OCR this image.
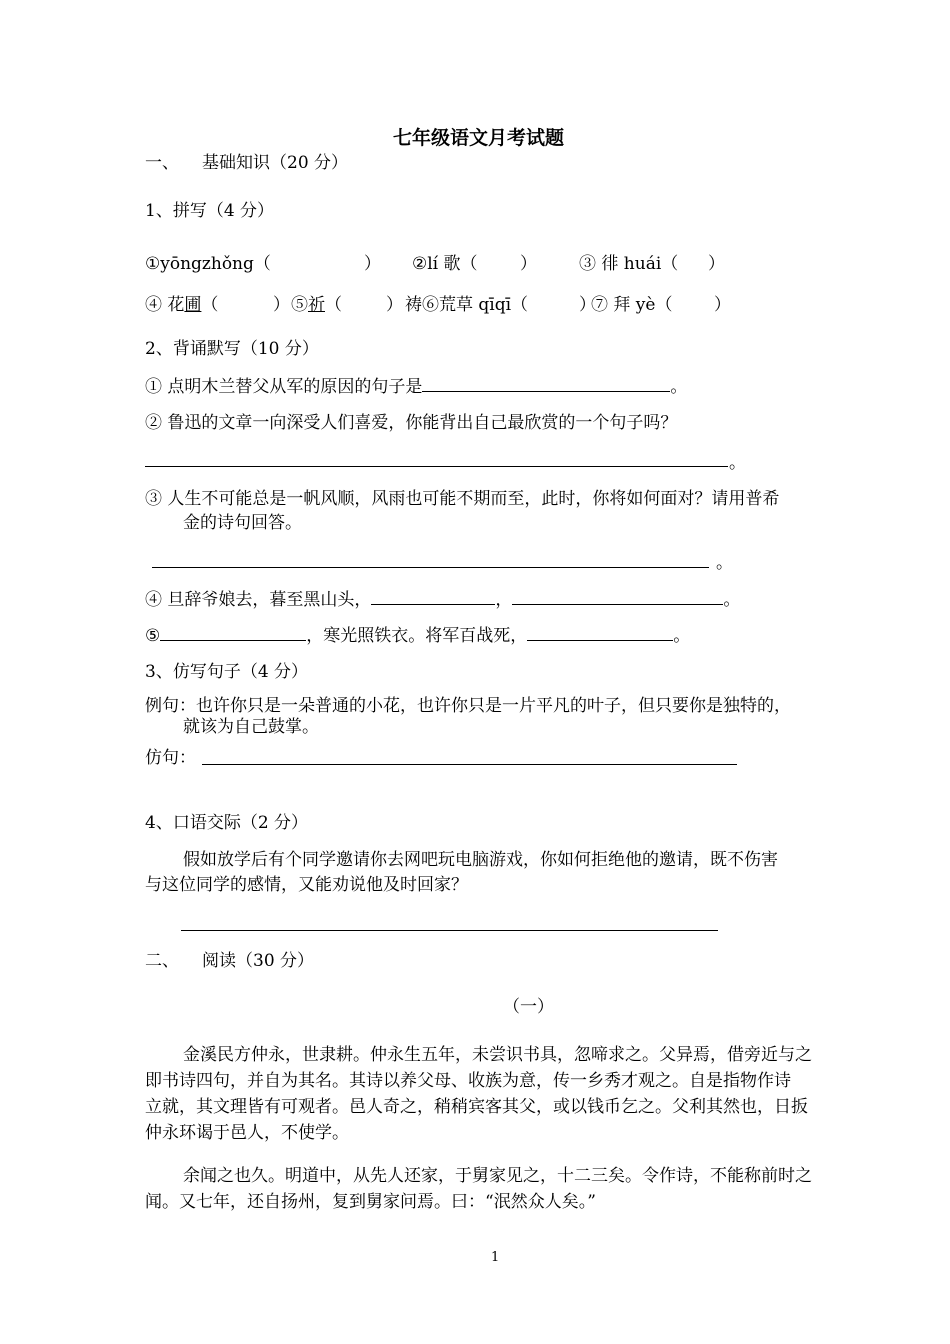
七年级语文月考试题
一、 基础知识（20 分）
1、拼写（4 分）
①yōngzhǒng（	） ②lí 歌（ ） ③ 徘 huái（ ）
④ 花圃（	） ⑤祈（	） 祷⑥荒草 qīqī（	）
⑦ 拜 yè（ ）
2、背诵默写（10 分）
① 点明木兰替父从军的原因的句子是	。
② 鲁迅的文章一向深受人们喜爱，你能背出自己最欣赏的一个句子吗？
。
③ 人生不可能总是一帆风顺，风雨也可能不期而至，此时，你将如何面对？请用普希
金的诗句回答。
。
④ 旦辞爷娘去，暮至黑山头，	，	。
⑤	，寒光照铁衣。将军百战死，	。
3、仿写句子（4 分）
例句：也许你只是一朵普通的小花，也许你只是一片平凡的叶子，但只要你是独特的，
就该为自己鼓掌。
仿句：
4、口语交际（2 分）
假如放学后有个同学邀请你去网吧玩电脑游戏，你如何拒绝他的邀请，既不伤害
与这位同学的感情，又能劝说他及时回家？
二、 阅读（30 分）
（一）
金溪民方仲永，世隶耕。仲永生五年，未尝识书具，忽啼求之。父异焉，借旁近与之
即书诗四句，并自为其名。其诗以养父母、收族为意，传一乡秀才观之。自是指物作诗
立就，其文理皆有可观者。邑人奇之，稍稍宾客其父，或以钱币乞之。父利其然也，日扳
仲永环谒于邑人，不使学。
余闻之也久。明道中，从先人还家，于舅家见之，十二三矣。令作诗，不能称前时之
闻。又七年，还自扬州，复到舅家问焉。曰：“泯然众人矣。”
1
